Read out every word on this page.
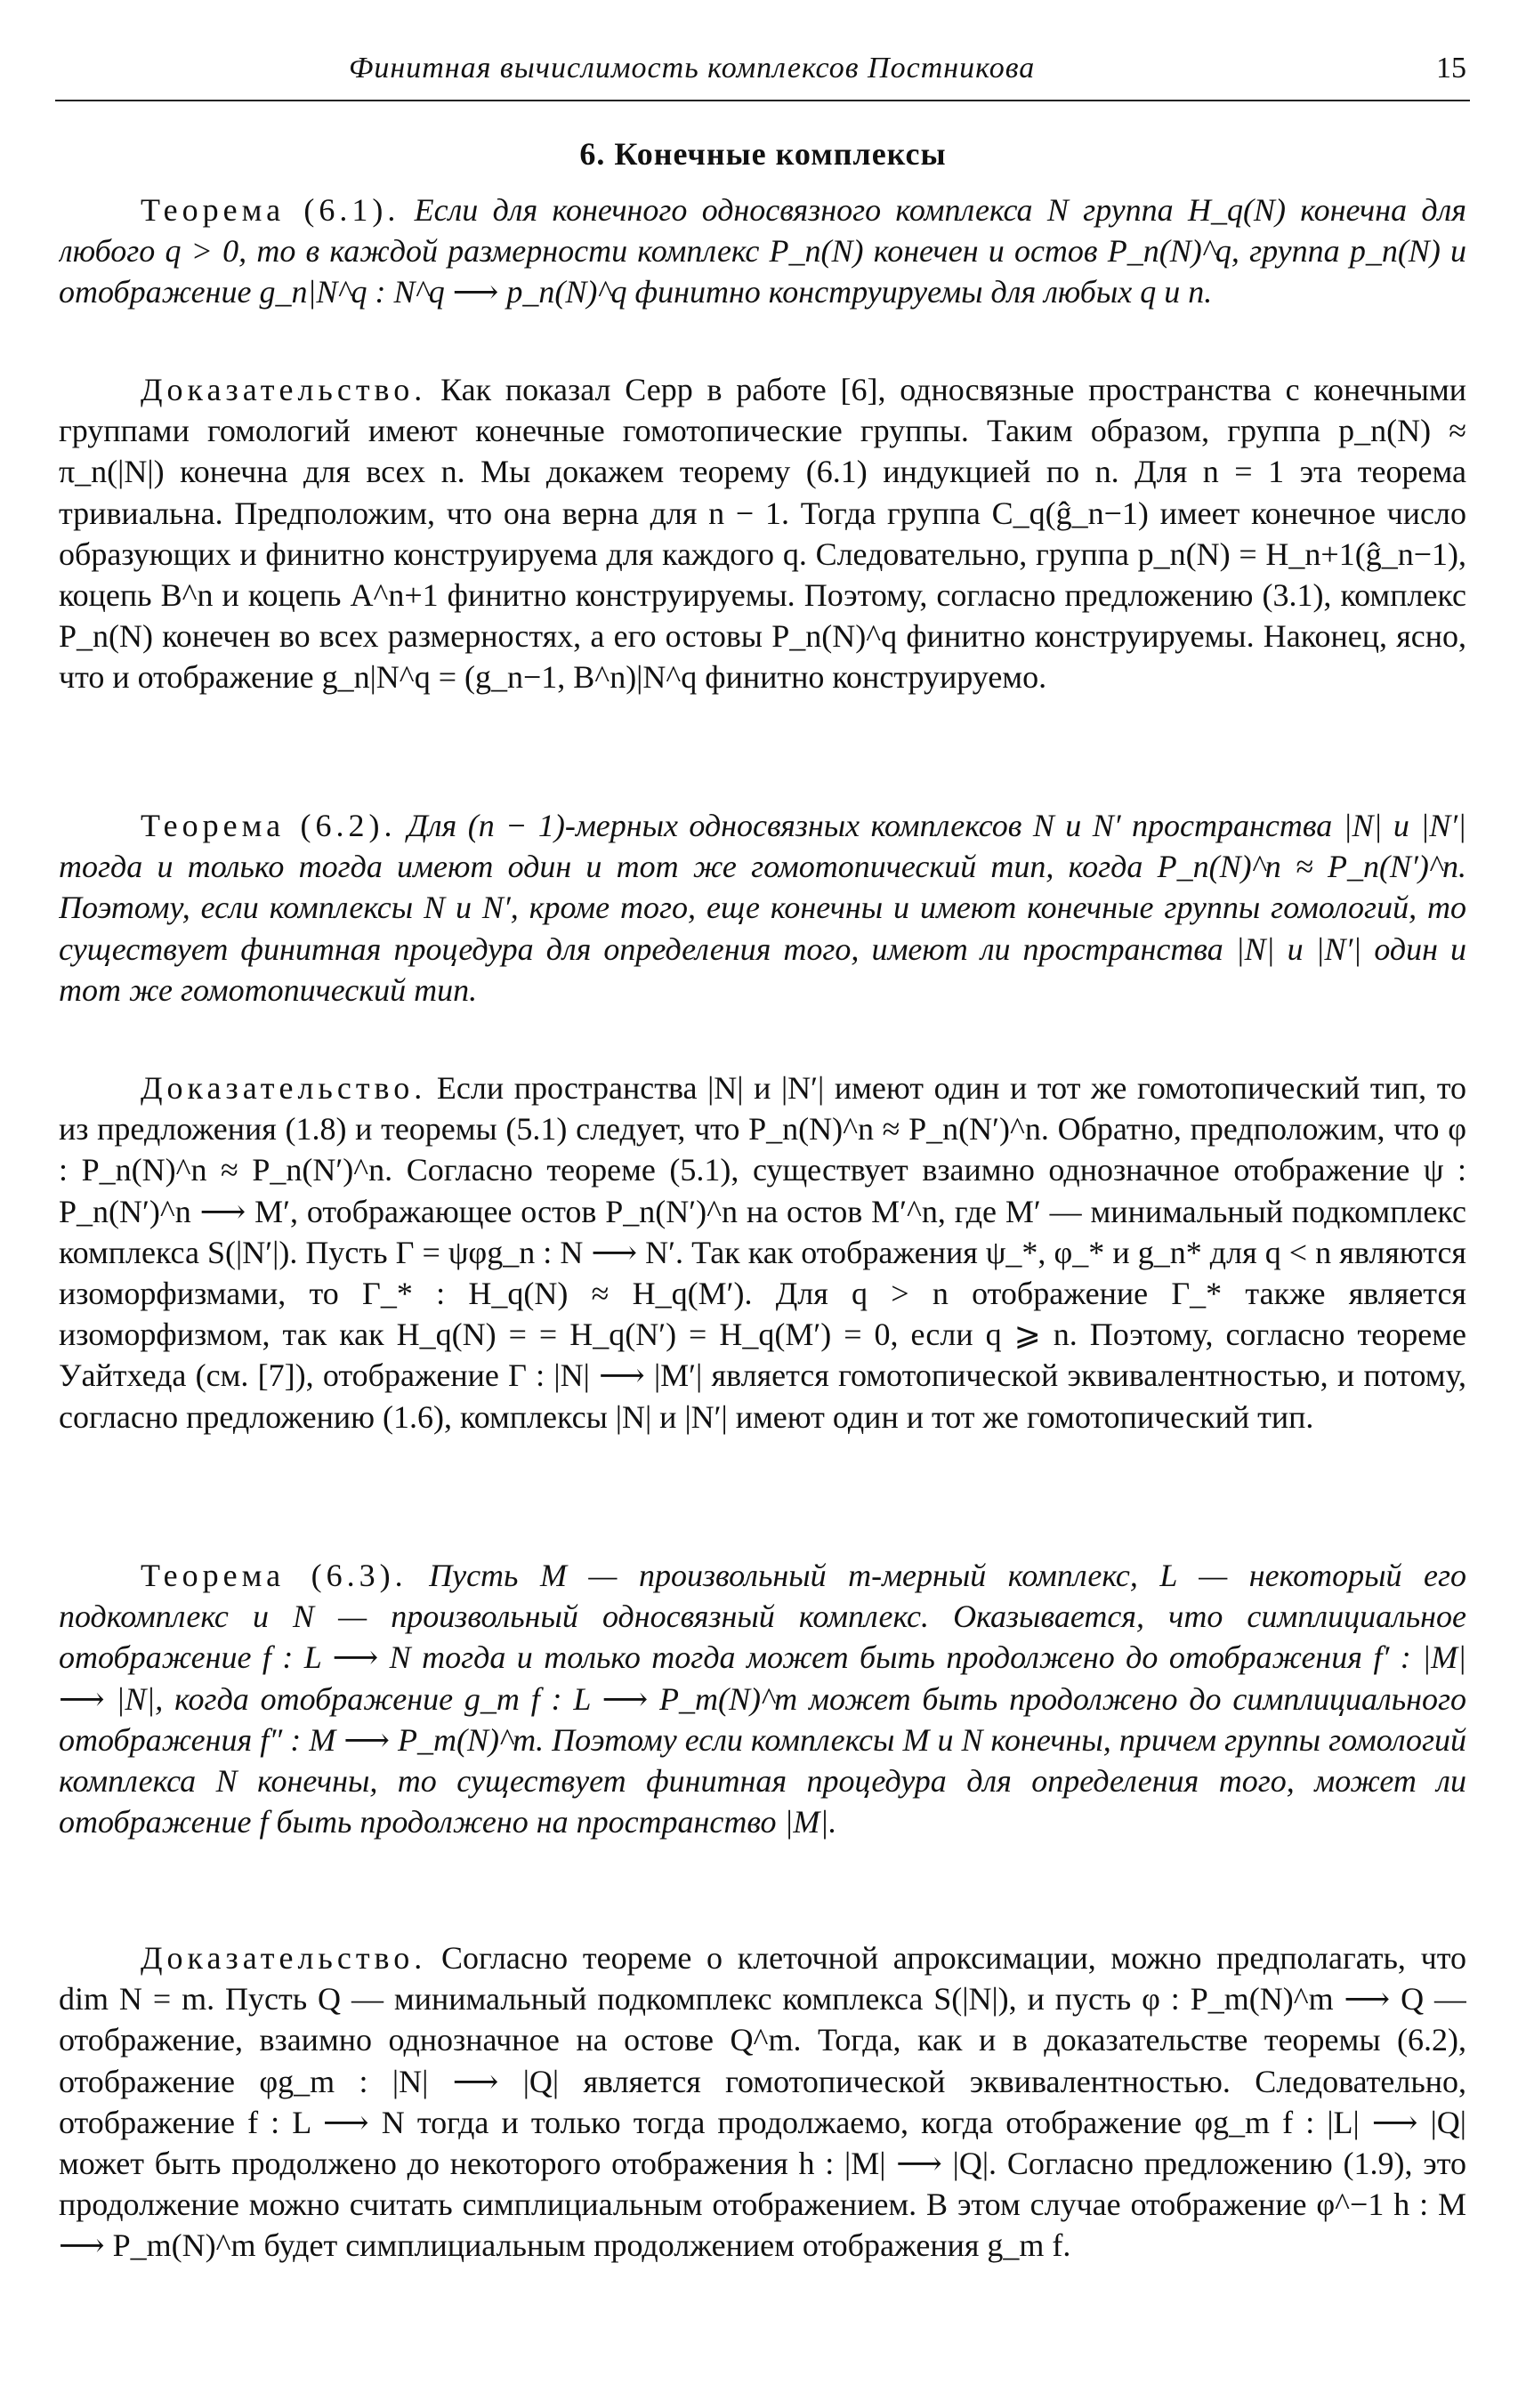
Финитная вычислимость комплексов Постникова	15
6. Конечные комплексы
Теорема (6.1). Если для конечного односвязного комплекса N группа H_q(N) конечна для любого q > 0, то в каждой размерности комплекс P_n(N) конечен и остов P_n(N)^q, группа p_n(N) и отображение g_n|N^q : N^q ⟶ p_n(N)^q финитно конструируемы для любых q и n.
Доказательство. Как показал Серр в работе [6], односвязные пространства с конечными группами гомологий имеют конечные гомотопические группы. Таким образом, группа p_n(N) ≈ π_n(|N|) конечна для всех n. Мы докажем теорему (6.1) индукцией по n. Для n = 1 эта теорема тривиальна. Предположим, что она верна для n − 1. Тогда группа C_q(ĝ_n−1) имеет конечное число образующих и финитно конструируема для каждого q. Следовательно, группа p_n(N) = H_n+1(ĝ_n−1), коцепь B^n и коцепь A^n+1 финитно конструируемы. Поэтому, согласно предложению (3.1), комплекс P_n(N) конечен во всех размерностях, а его остовы P_n(N)^q финитно конструируемы. Наконец, ясно, что и отображение g_n|N^q = (g_n−1, B^n)|N^q финитно конструируемо.
Теорема (6.2). Для (n − 1)-мерных односвязных комплексов N и N′ пространства |N| и |N′| тогда и только тогда имеют один и тот же гомотопический тип, когда P_n(N)^n ≈ P_n(N′)^n. Поэтому, если комплексы N и N′, кроме того, еще конечны и имеют конечные группы гомологий, то существует финитная процедура для определения того, имеют ли пространства |N| и |N′| один и тот же гомотопический тип.
Доказательство. Если пространства |N| и |N′| имеют один и тот же гомотопический тип, то из предложения (1.8) и теоремы (5.1) следует, что P_n(N)^n ≈ P_n(N′)^n. Обратно, предположим, что φ : P_n(N)^n ≈ P_n(N′)^n. Согласно теореме (5.1), существует взаимно однозначное отображение ψ : P_n(N′)^n ⟶ M′, отображающее остов P_n(N′)^n на остов M′^n, где M′ — минимальный подкомплекс комплекса S(|N′|). Пусть Γ = ψφg_n : N ⟶ N′. Так как отображения ψ_*, φ_* и g_n* для q < n являются изоморфизмами, то Γ_* : H_q(N) ≈ H_q(M′). Для q > n отображение Γ_* также является изоморфизмом, так как H_q(N) = = H_q(N′) = H_q(M′) = 0, если q ⩾ n. Поэтому, согласно теореме Уайтхеда (см. [7]), отображение Γ : |N| ⟶ |M′| является гомотопической эквивалентностью, и потому, согласно предложению (1.6), комплексы |N| и |N′| имеют один и тот же гомотопический тип.
Теорема (6.3). Пусть M — произвольный m-мерный комплекс, L — некоторый его подкомплекс и N — произвольный односвязный комплекс. Оказывается, что симплициальное отображение f : L ⟶ N тогда и только тогда может быть продолжено до отображения f′ : |M| ⟶ |N|, когда отображение g_m f : L ⟶ P_m(N)^m может быть продолжено до симплициального отображения f″ : M ⟶ P_m(N)^m. Поэтому если комплексы M и N конечны, причем группы гомологий комплекса N конечны, то существует финитная процедура для определения того, может ли отображение f быть продолжено на пространство |M|.
Доказательство. Согласно теореме о клеточной апроксимации, можно предполагать, что dim N = m. Пусть Q — минимальный подкомплекс комплекса S(|N|), и пусть φ : P_m(N)^m ⟶ Q — отображение, взаимно однозначное на остове Q^m. Тогда, как и в доказательстве теоремы (6.2), отображение φg_m : |N| ⟶ |Q| является гомотопической эквивалентностью. Следовательно, отображение f : L ⟶ N тогда и только тогда продолжаемо, когда отображение φg_m f : |L| ⟶ |Q| может быть продолжено до некоторого отображения h : |M| ⟶ |Q|. Согласно предложению (1.9), это продолжение можно считать симплициальным отображением. В этом случае отображение φ^−1 h : M ⟶ P_m(N)^m будет симплициальным продолжением отображения g_m f.
